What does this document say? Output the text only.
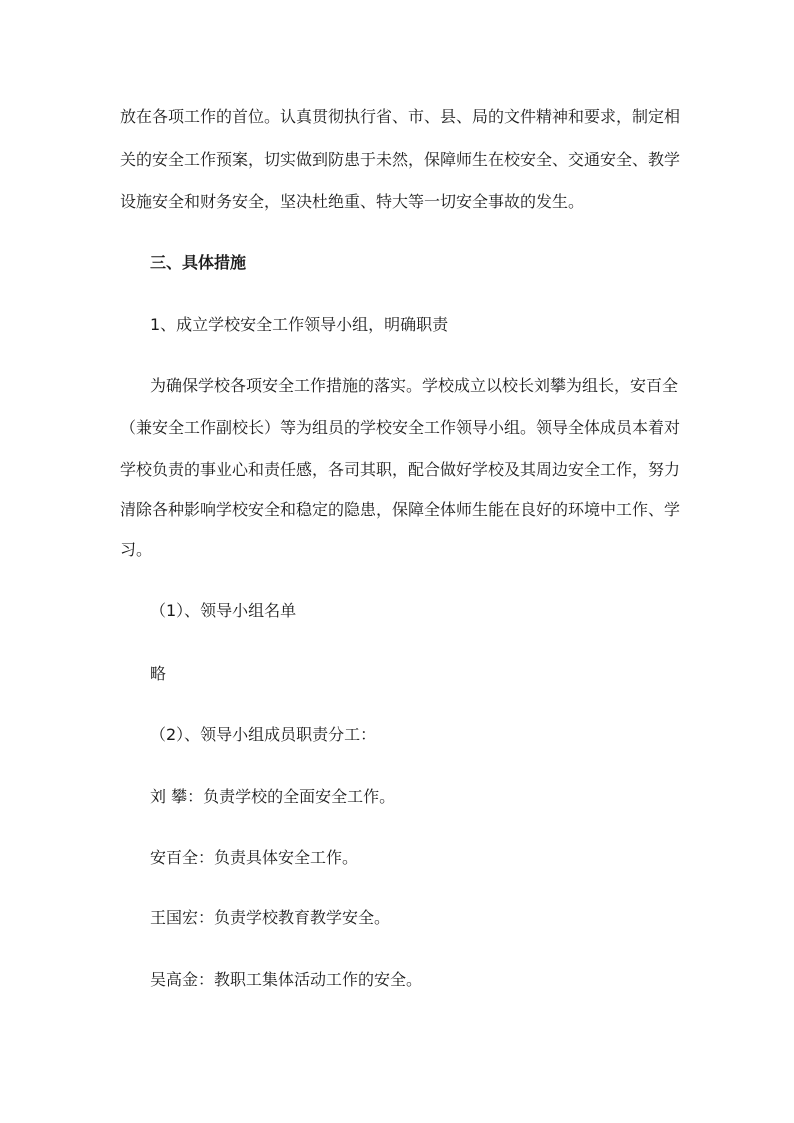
放在各项工作的首位。认真贯彻执行省、市、县、局的文件精神和要求，制定相

关的安全工作预案，切实做到防患于未然，保障师生在校安全、交通安全、教学

设施安全和财务安全，坚决杜绝重、特大等一切安全事故的发生。

三、具体措施

1、成立学校安全工作领导小组，明确职责

为确保学校各项安全工作措施的落实。学校成立以校长刘攀为组长，安百全

（兼安全工作副校长）等为组员的学校安全工作领导小组。领导全体成员本着对

学校负责的事业心和责任感，各司其职，配合做好学校及其周边安全工作，努力

清除各种影响学校安全和稳定的隐患，保障全体师生能在良好的环境中工作、学

习。

（1）、领导小组名单

略

（2）、领导小组成员职责分工：

刘 攀：负责学校的全面安全工作。

安百全：负责具体安全工作。

王国宏：负责学校教育教学安全。

吴高金：教职工集体活动工作的安全。
